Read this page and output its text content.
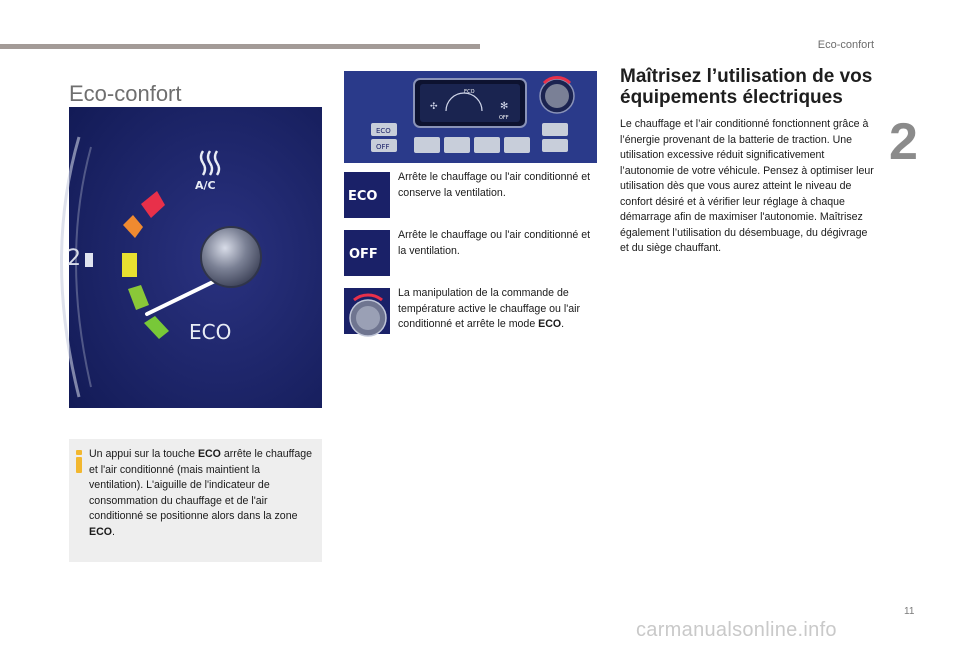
Eco-confort
2
Eco-confort
2
A/C
ECO
Un appui sur la touche ECO arrête le chauffage et l'air conditionné (mais maintient la ventilation). L'aiguille de l'indicateur de consommation du chauffage et de l'air conditionné se positionne alors dans la zone ECO.
ECO
✣	✻
OFF
ECO
OFF
ECO
Arrête le chauffage ou l'air conditionné et conserve la ventilation.
OFF
Arrête le chauffage ou l'air conditionné et la ventilation.
La manipulation de la commande de température active le chauffage ou l'air conditionné et arrête le mode ECO.
Maîtrisez l’utilisation de vos équipements électriques

Le chauffage et l’air conditionné fonctionnent grâce à l’énergie provenant de la batterie de traction. Une utilisation excessive réduit significativement l’autonomie de votre véhicule. Pensez à optimiser leur utilisation dès que vous aurez atteint le niveau de confort désiré et à vérifier leur réglage à chaque démarrage afin de maximiser l'autonomie. Maîtrisez également l’utilisation du désembuage, du dégivrage et du siège chauffant.

11
carmanualsonline.info
